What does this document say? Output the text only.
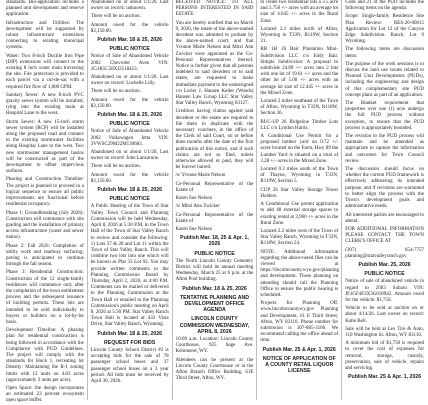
standards. Bio-application includes a planned unit development and reserve application.

Infrastructure and Utilities: The development will be supported by robust infrastructure extensions connecting to existing municipal systems.

Water: Two 8-inch Ductile Iron Pipe (DIP) extensions will connect to the existing 8 inch water main traversing the site. Fire protection is provided to each parcel via a cul-de-sac with a required fire flow of 1,000 GPM.

Sanitary Sewer: A new 8-inch PVC gravity sewer system will be installed, tying into the existing main at Hospital Lane to the west.

Storm Sewer: A new 15-inch storm sewer system (RCP) will be installed along the proposed road and connect to the existing stormwater facilities along Hospital Lane to the west. Two new stormwater management basins will be constructed as part of the development to offset impervious surfaces.

Phasing and Construction Timeline: The project is planned to proceed in a logical sequence to ensure all public improvements are functional before residential occupancy:

Phase 1: Groundbreaking (July 2026): Construction will commence with site grading and the installation of primary access infrastructure (water and sewer mains).

Phase 2: Fall 2026: Completion of utility work and roadway surfacing; paving is anticipated to continue through the fall season.

Phase 3: Residential Construction: Construction of the 12 single-family residences will commence only after the completion of the town entitlement process and the subsequent issuance of building permits. These lots are intended to be sold individually to buyers or builders on a lot-by-lot basis.

Development Timeline: A phasing plan for residential construction is being followed in accordance with the Compliance with PUD Guidelines. The project will comply with the standards for block 1, recreating lot Density: Maintaining the R-1 zoning limits with 12 units on 4.83 acres (approximately 3 units per acre).

Open Space: the design incorporates an estimated 23 percent ecosystem open space buffer.

Abandoned on or about 1/1/26. Last owner on record: unknown.

There will be no auction.

Amount owed for the vehicle $3,150.00.

Publish Mar. 18 & 25, 2026
PUBLIC NOTICE

Notice of Sale of Abandoned Vehicle 2002 Chevrolet Aveo VIN: 1G1R5C58XJ2518453.

Abandoned on or about 1/1/26. Last owner on record: Lochelle Lilly.

There will be no auction.

Amount owed for the vehicle $3,150.00.

Publish Mar. 18 & 25, 2026
PUBLIC NOTICE

Notice of Sale of Abandoned Vehicle 2002 Volkswagen Jetta VIN: 3VWSC29M22M130683.

Abandoned on or about 1/1/26. Last owner on record: John Lanzarone.

There will be no auction.

Amount owed for the vehicle $3,150.00.

Publish Mar. 18 & 25, 2026
PUBLIC NOTICE

A Public Hearing of the Town of Star Valley Town Council and Planning Commission will be held Wednesday, April 8, 2026 at 5:30 P.M. in the Town Hall of the Town of Star Valley Ranch to review and consider the following: 1) Lots 27 & 28 and Lot 11 within the Town of Star Valley Ranch. This will combine two lots into one which will be known as Plat 33 Lot 92. You may provide written comments to the Planning Commission Board by Thursday, April 2, 2026, at 4:00 P.M. Comments can be mailed or delivered to the Planning Commission at the Town Hall or emailed to the Planning Commission's public meeting on April 8, 2026 at 5:30 PM. Star Valley Ranch Town Hall is located at 433 Vista Drive, Star Valley Ranch, Wyoming.

Publish Mar. 18 & 25, 2026
REQUEST FOR BIDS

Lincoln County School District #2 is accepting bids for the sale of 78 passenger school buses and 37 passenger school buses on a 3 year period. All bids must be received by April 30, 2026.

RECEIVED NOTICE: TO ALL PERSONS INTERESTED IN SAID ESTATE:

You are hereby notified that on March 9, 2026, the estate of the above-named decedent was admitted to probate by the above-named court, and that Yvonne Marie Nelson and Mitzi Ann Zwicker were appointed as the Co-Personal Representatives thereof. Notice is further given that all persons indebted to said decedent or to said estate, are requested to make immediate payment to the undersigned c/o Lorier J. Hansen Keller (Woods) Hansen Law Group LLC Star Valley Star Valley Ranch, Wyoming 83127.

Creditors having claims against said decedent or the estate are required to file them in duplicate with the necessary vouchers, in the office of the Clerk of said Court, on or before three months after the date of the first publication of this notice, and if such claims are not so filed, unless otherwise allowed or paid, they will be forever barred.

/s/ Yvonne Marie Nelson

Co-Personal Representative of the Estate of

Karen Sue Nelson

/s/ Mitzi Ann Zwicker

Co-Personal Representative of the Estate of

Karen Sue Nelson

Publish Mar. 18, 25 & Apr. 1, 2026
PUBLIC NOTICE

The North Lincoln County Cemetery District will hold its annual meeting Wednesday, March 25 at 6 p.m. at the Afton Pool building.

Publish Mar. 18 & 25, 2026
TENTATIVE PLANNING AND DEVELOPMENT OFFICE AGENDA
LINCOLN COUNTY COMMISSION WEDNESDAY, APRIL 8, 2026

10:00 a.m. Location: Lincoln County Courthouse, 925 Sage Ave. Kemmerer, WY.

Attendees can be present at the Lincoln County Courthouse or at the Afton Branch Office Building, 61E Third Street, Afton, WY.

to create two residential lots a 3.5 acre and 3.750 +/- acres with an average lot size of 4.645 +/- acres in the Rural Zone.

Located 2.1 miles north of Afton, Wyoming in T33N, R119W, Section 21.

RB 1H 26 Bair Plantation Mini-Subdivision LLC c/o Eddy Bair. Simple Subdivision: A proposal to subdivide 24.89 +/- acres into 2 lots with one lot of 19.61 +/- acres and the other lot of 5.00 +/- acres with an average lot size of 12.445 +/- acres in the Mixed Zone.

Located 2 miles southeast of the Town of Afton, Wyoming in T33N, R118W, Section 36.

BUC-UP 26 Ridgeline Timber Lots LLC c/o Lyndon Harris.

A Conditional Use Permit for a proposed lumber yard on 0.72 +/- acres located on the Farm, Hwy 89 the Lumber Yard is situated on a total of 3.28 +/- acres in the Mixed Zone.

Located 0.2 miles south of the Town of Thayne, Wyoming in T33N, R119W, Section 5.

CUP 26 Star Valley Storage Tower Holders.

A Conditional Use permit application to add 48 external storage spaces to existing rental at 3,960 +/- acres in the Rural Zone.

Located 2.2 miles west of the Town of Star Valley Ranch, Wyoming in T33N, R118W, Section 24.

NOTE: Additional information regarding the above-noted files can be viewed at https://lincolncounty.wyo.gov/planning and development. Those planning on attending should call the Planning Office to ensure the public hearing is scheduled.

Projects for Planning Off. www.lincolncountywy.gov Planning and Development, 61 E Third Street, Afton, WY 83110. Phone number for submission is 307-885-3106. We recommend calling the office ahead of time.

Publish Mar. 25 & Apr. 1, 2026
NOTICE OF APPLICATION OF A COUNTY RETAIL LIQUOR LICENSE

Code and 21 of the PUD includes the following items on the agenda:

Scope: Single-family Residence Site Plan Review: RES-26-00015 Application for Lot 12 of the Canyon Edge Subdivision. Ranch, Lot 9 Wyoming.

The following items are discussion items:

The purpose of the work sessions is to discuss the land use issues related to Planned Unit Developments (PUDs), including the engineering and design of this complementary site PUD concept plans as part of an application.

The Blanket requirement that properties over one (1) acre undergo the full PUD process without exception, to ensure that the PUD process is appropriately bounded.

The revision to the PUD process will maintain and be amended as appropriate to capture the information and outcomes for Town Council review.

The discussion should focus on whether the current PUD framework is effectively addressing its intended purpose, and if revisions are warranted to better align the process with the Town's development goals and administrative needs.

All interested parties are encouraged to attend.

FOR ADDITIONAL INFORMATION PLEASE CONTACT THE TOWN CLERK'S OFFICE AT

(307) 654-7757 planning@starvalleyranch.gov

Publish Mar. 25, 2026
PUBLIC NOTICE

Notice of sale of abandoned vehicle in regard to 2003 Subaru VIN: JF1GF4F3X3G018942. Amount owed for the vehicle: $1,750.

Vehicle to be sold at auction on or about 4/14/26. Last owner on record: Katie Bell.

Sale will be held at Lex Tire & Auto, 110 Washington St. Afton, WY 83110.

A minimum bid of $1,750 is required to cover the cost of expenses for removal, storage, custody, preservation, sale of vehicle, repairs and servicing.

Publish Mar. 25 & Apr. 1, 2026
